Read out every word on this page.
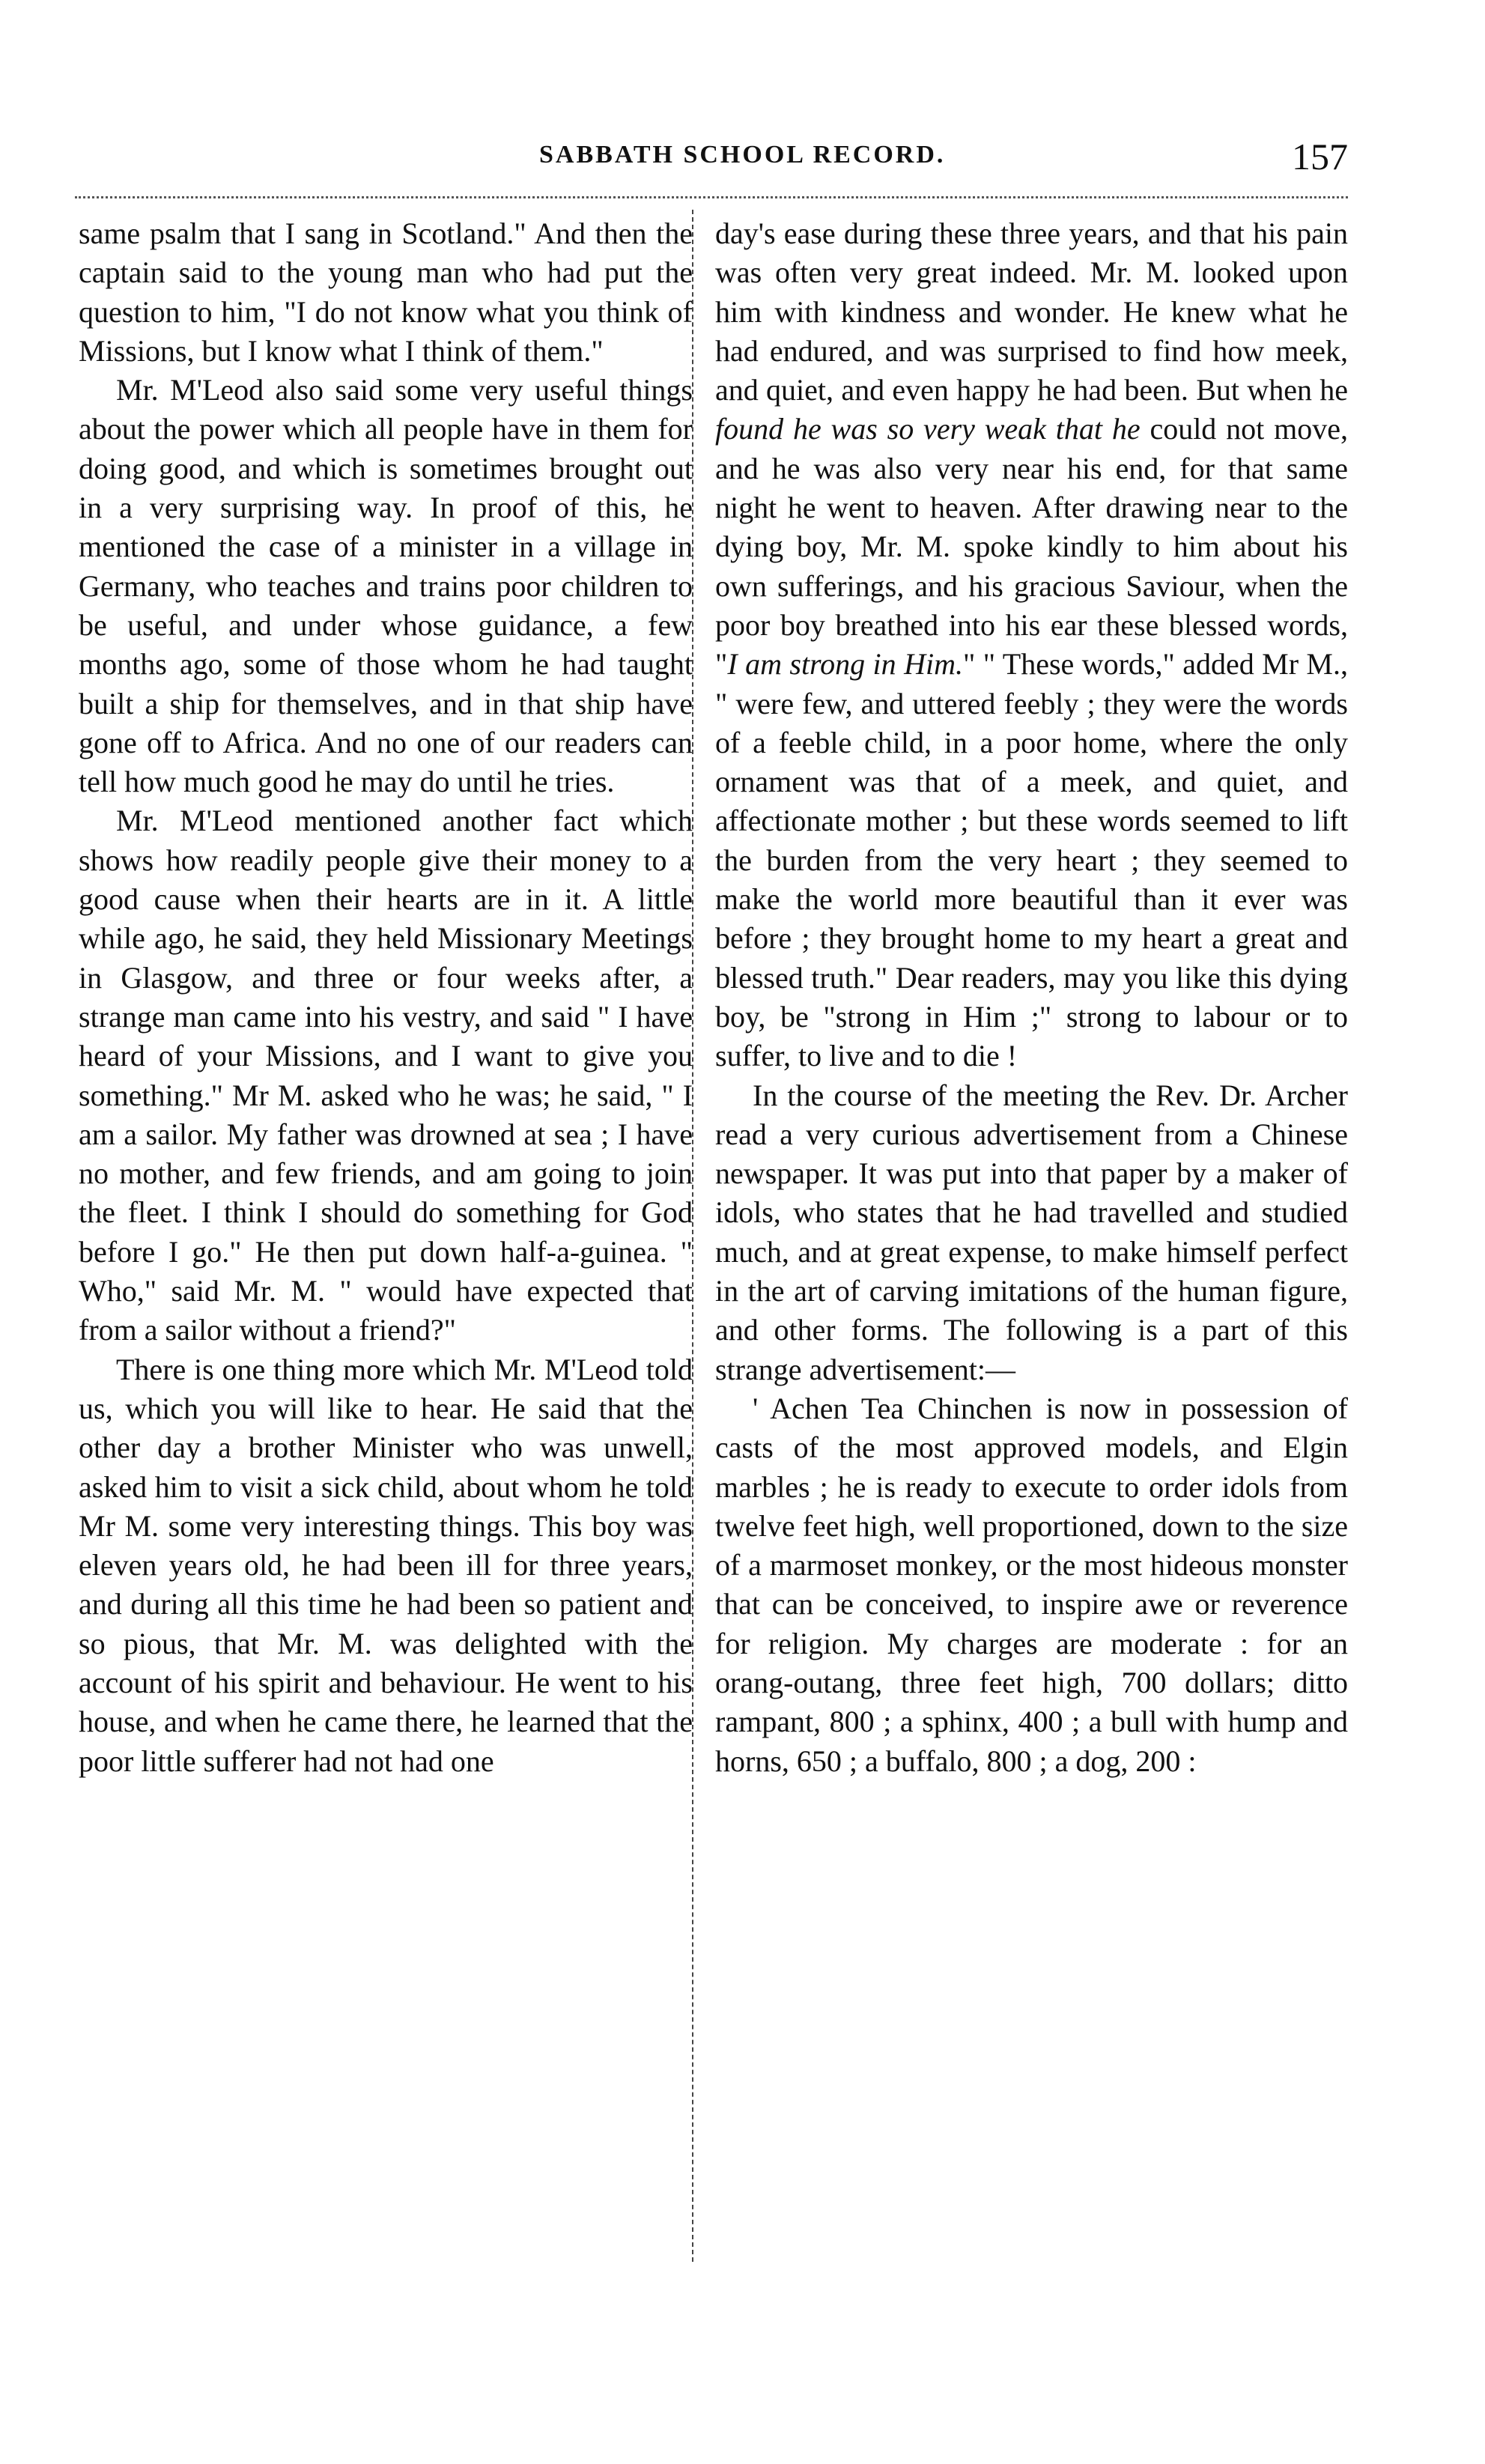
SABBATH SCHOOL RECORD.	157

same psalm that I sang in Scotland." And then the captain said to the young man who had put the question to him, "I do not know what you think of Missions, but I know what I think of them."

Mr. M'Leod also said some very useful things about the power which all people have in them for doing good, and which is sometimes brought out in a very surprising way. In proof of this, he mentioned the case of a minister in a village in Germany, who teaches and trains poor children to be useful, and under whose guidance, a few months ago, some of those whom he had taught built a ship for themselves, and in that ship have gone off to Africa. And no one of our readers can tell how much good he may do until he tries.

Mr. M'Leod mentioned another fact which shows how readily people give their money to a good cause when their hearts are in it. A little while ago, he said, they held Missionary Meetings in Glasgow, and three or four weeks after, a strange man came into his vestry, and said " I have heard of your Missions, and I want to give you something." Mr M. asked who he was; he said, " I am a sailor. My father was drowned at sea ; I have no mother, and few friends, and am going to join the fleet. I think I should do something for God before I go." He then put down half-a-guinea. " Who," said Mr. M. " would have expected that from a sailor without a friend?"

There is one thing more which Mr. M'Leod told us, which you will like to hear. He said that the other day a brother Minister who was unwell, asked him to visit a sick child, about whom he told Mr M. some very interesting things. This boy was eleven years old, he had been ill for three years, and during all this time he had been so patient and so pious, that Mr. M. was delighted with the account of his spirit and behaviour. He went to his house, and when he came there, he learned that the poor little sufferer had not had one

day's ease during these three years, and that his pain was often very great indeed. Mr. M. looked upon him with kindness and wonder. He knew what he had endured, and was surprised to find how meek, and quiet, and even happy he had been. But when he found he was so very weak that he could not move, and he was also very near his end, for that same night he went to heaven. After drawing near to the dying boy, Mr. M. spoke kindly to him about his own sufferings, and his gracious Saviour, when the poor boy breathed into his ear these blessed words, "I am strong in Him." " These words," added Mr M., " were few, and uttered feebly ; they were the words of a feeble child, in a poor home, where the only ornament was that of a meek, and quiet, and affectionate mother ; but these words seemed to lift the burden from the very heart ; they seemed to make the world more beautiful than it ever was before ; they brought home to my heart a great and blessed truth." Dear readers, may you like this dying boy, be "strong in Him ;" strong to labour or to suffer, to live and to die !

In the course of the meeting the Rev. Dr. Archer read a very curious advertisement from a Chinese newspaper. It was put into that paper by a maker of idols, who states that he had travelled and studied much, and at great expense, to make himself perfect in the art of carving imitations of the human figure, and other forms. The following is a part of this strange advertisement:—

' Achen Tea Chinchen is now in possession of casts of the most approved models, and Elgin marbles ; he is ready to execute to order idols from twelve feet high, well proportioned, down to the size of a marmoset monkey, or the most hideous monster that can be conceived, to inspire awe or reverence for religion. My charges are moderate : for an orang-outang, three feet high, 700 dollars; ditto rampant, 800 ; a sphinx, 400 ; a bull with hump and horns, 650 ; a buffalo, 800 ; a dog, 200 :
